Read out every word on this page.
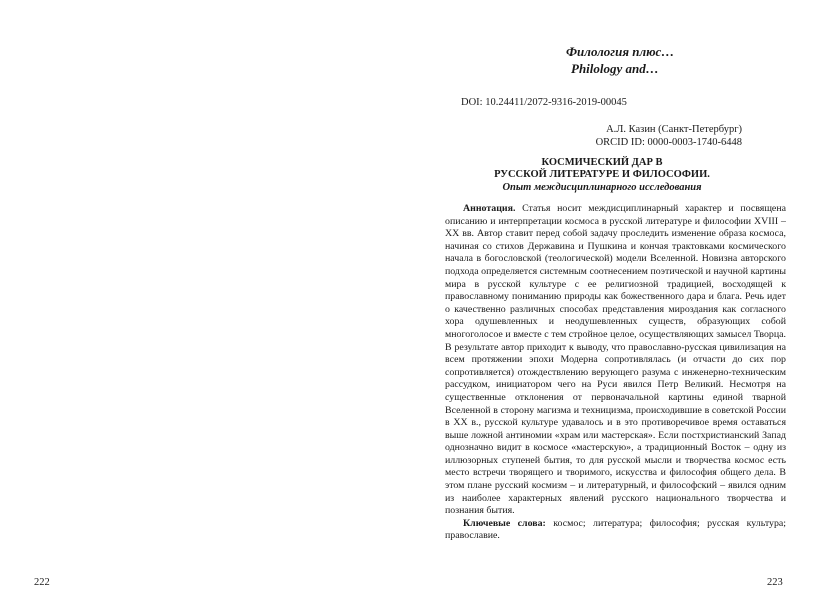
222
Филология плюс…
Philology and…
DOI: 10.24411/2072-9316-2019-00045
А.Л. Казин (Санкт-Петербург)
ORCID ID: 0000-0003-1740-6448
КОСМИЧЕСКИЙ ДАР В
РУССКОЙ ЛИТЕРАТУРЕ И ФИЛОСОФИИ.
Опыт междисциплинарного исследования

Аннотация. Статья носит междисциплинарный характер и посвящена описанию и интерпретации космоса в русской литературе и философии XVIII – XX вв. Автор ставит перед собой задачу проследить изменение образа космоса, начиная со стихов Державина и Пушкина и кончая трактовками космического начала в богословской (теологической) модели Вселенной. Новизна авторского подхода определяется системным соотнесением поэтической и научной картины мира в русской культуре с ее религиозной традицией, восходящей к православному пониманию природы как божественного дара и блага. Речь идет о качественно различных способах представления мироздания как согласного хора одушевленных и неодушевленных существ, образующих собой многоголосое и вместе с тем стройное целое, осуществляющих замысел Творца. В результате автор приходит к выводу, что православно-русская цивилизация на всем протяжении эпохи Модерна сопротивлялась (и отчасти до сих пор сопротивляется) отождествлению верующего разума с инженерно-техническим рассудком, инициатором чего на Руси явился Петр Великий. Несмотря на существенные отклонения от первоначальной картины единой тварной Вселенной в сторону магизма и техницизма, происходившие в советской России в XX в., русской культуре удавалось и в это противоречивое время оставаться выше ложной антиномии «храм или мастерская». Если постхристианский Запад однозначно видит в космосе «мастерскую», а традиционный Восток – одну из иллюзорных ступеней бытия, то для русской мысли и творчества космос есть место встречи творящего и творимого, искусства и философия общего дела. В этом плане русский космизм – и литературный, и философский – явился одним из наиболее характерных явлений русского национального творчества и познания бытия.

Ключевые слова: космос; литература; философия; русская культура; православие.

223
